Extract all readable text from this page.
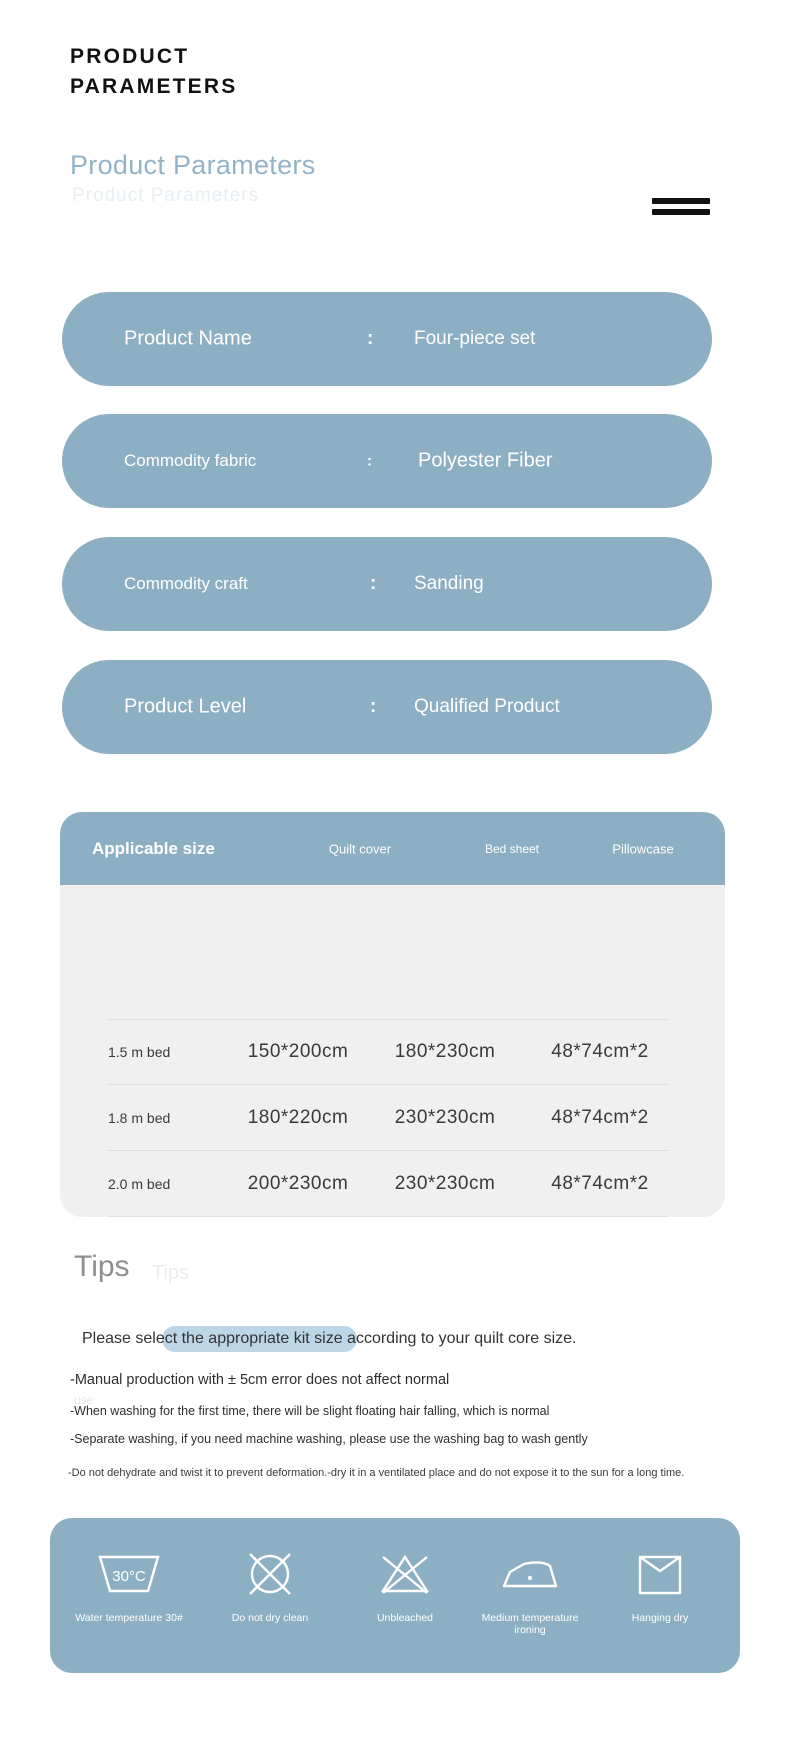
PRODUCT
PARAMETERS
Product Parameters
Product Parameters
Product Name	: Four-piece set
Commodity fabric	: Polyester Fiber
Commodity craft	: Sanding
Product Level	: Qualified Product
Applicable size	Quilt cover	Bed sheet	Pillowcase
1.5 m bed	150*200cm	180*230cm	48*74cm*2
1.8 m bed	180*220cm	230*230cm	48*74cm*2
2.0 m bed	200*230cm	230*230cm	48*74cm*2
Tips Tips
Please select the appropriate kit size according to your quilt core size.
-Manual production with ± 5cm error does not affect normal
use
-When washing for the first time, there will be slight floating hair falling, which is normal
-Separate washing, if you need machine washing, please use the washing bag to wash gently
-Do not dehydrate and twist it to prevent deformation.-dry it in a ventilated place and do not expose it to the sun for a long time.
30°C
Water temperature 30#	Do not dry clean	Unbleached	Medium temperature ironing
Hanging dry
